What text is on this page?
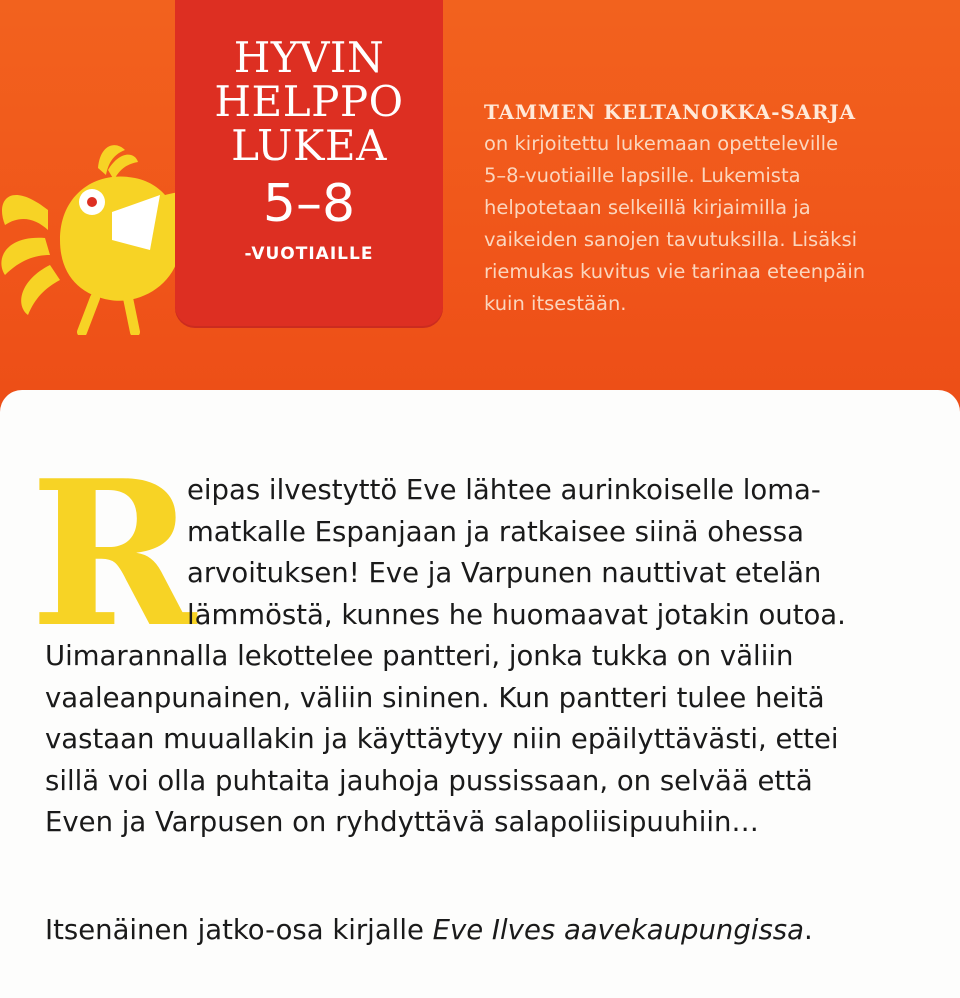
HYVIN
HELPPO
LUKEA
5–8
-VUOTIAILLE

TAMMEN KELTANOKKA-SARJA

on kirjoitettu lukemaan opetteleville
5–8-vuotiaille lapsille. Lukemista
helpotetaan selkeillä kirjaimilla ja
vaikeiden sanojen tavutuksilla. Lisäksi
riemukas kuvitus vie tarinaa eteenpäin
kuin itsestään.

R

eipas ilvestyttö Eve lähtee aurinkoiselle loma-
matkalle Espanjaan ja ratkaisee siinä ohessa
arvoituksen! Eve ja Varpunen nauttivat etelän
lämmöstä, kunnes he huomaavat jotakin outoa.
Uimarannalla lekottelee pantteri, jonka tukka on väliin
vaaleanpunainen, väliin sininen. Kun pantteri tulee heitä
vastaan muuallakin ja käyttäytyy niin epäilyttävästi, ettei
sillä voi olla puhtaita jauhoja pussissaan, on selvää että
Even ja Varpusen on ryhdyttävä salapoliisipuuhiin…

Itsenäinen jatko-osa kirjalle Eve Ilves aavekaupungissa.
